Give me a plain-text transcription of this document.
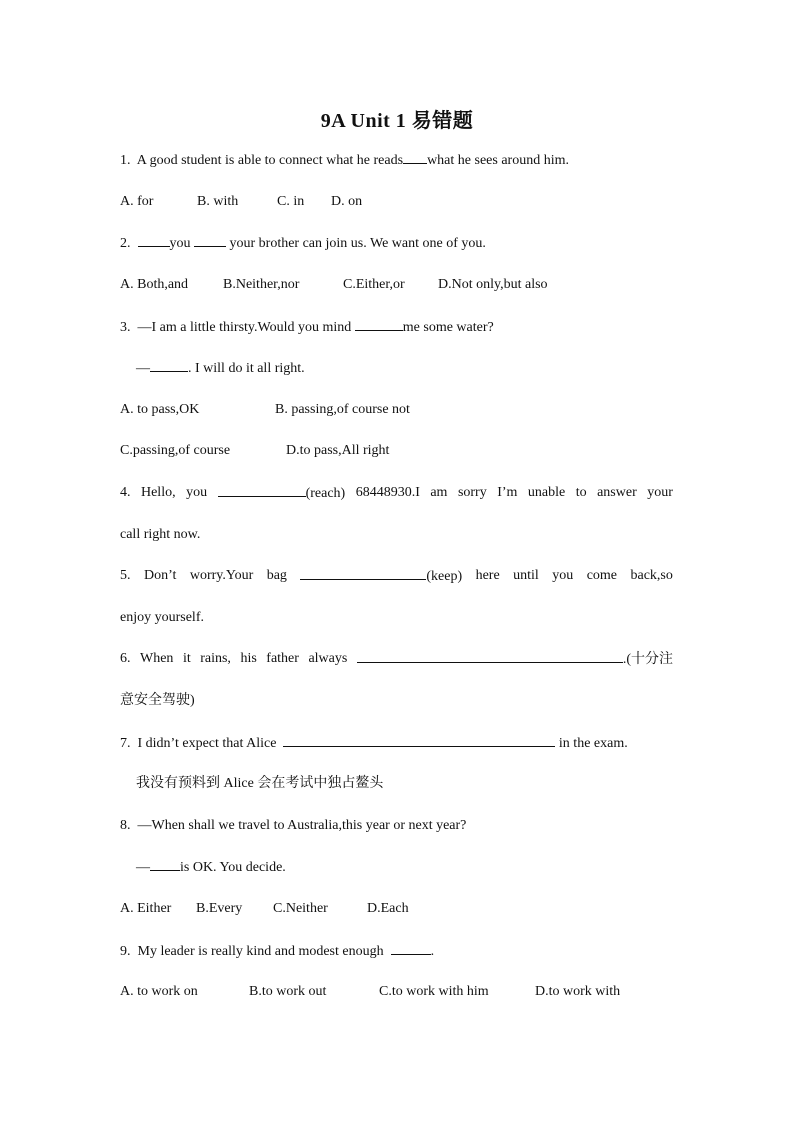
9A Unit 1 易错题
1. A good student is able to connect what he reads what he sees around him.
A. for	B. with	C. in D. on
2.	you	your brother can join us. We want one of you.
A. Both,and B.Neither,nor	C.Either,or D.Not only,but also
3. —I am a little thirsty.Would you mind	me some water?
—	. I will do it all right.
A. to pass,OK	B. passing,of course not
C.passing,of course	D.to pass,All right
4. Hello, you	(reach) 68448930.I am sorry I’m unable to answer your
call right now.
5. Don’t worry.Your bag	(keep) here until you come back,so
enjoy yourself.
6. When it rains, his father always	.(十分注
意安全驾驶)
7. I didn’t expect that Alice	in the exam.
我没有预料到 Alice 会在考试中独占鳌头
8. —When shall we travel to Australia,this year or next year?
— is OK. You decide.
A. Either B.Every C.Neither	D.Each
9. My leader is really kind and modest enough	.
A. to work on	B.to work out	C.to work with him	D.to work with
